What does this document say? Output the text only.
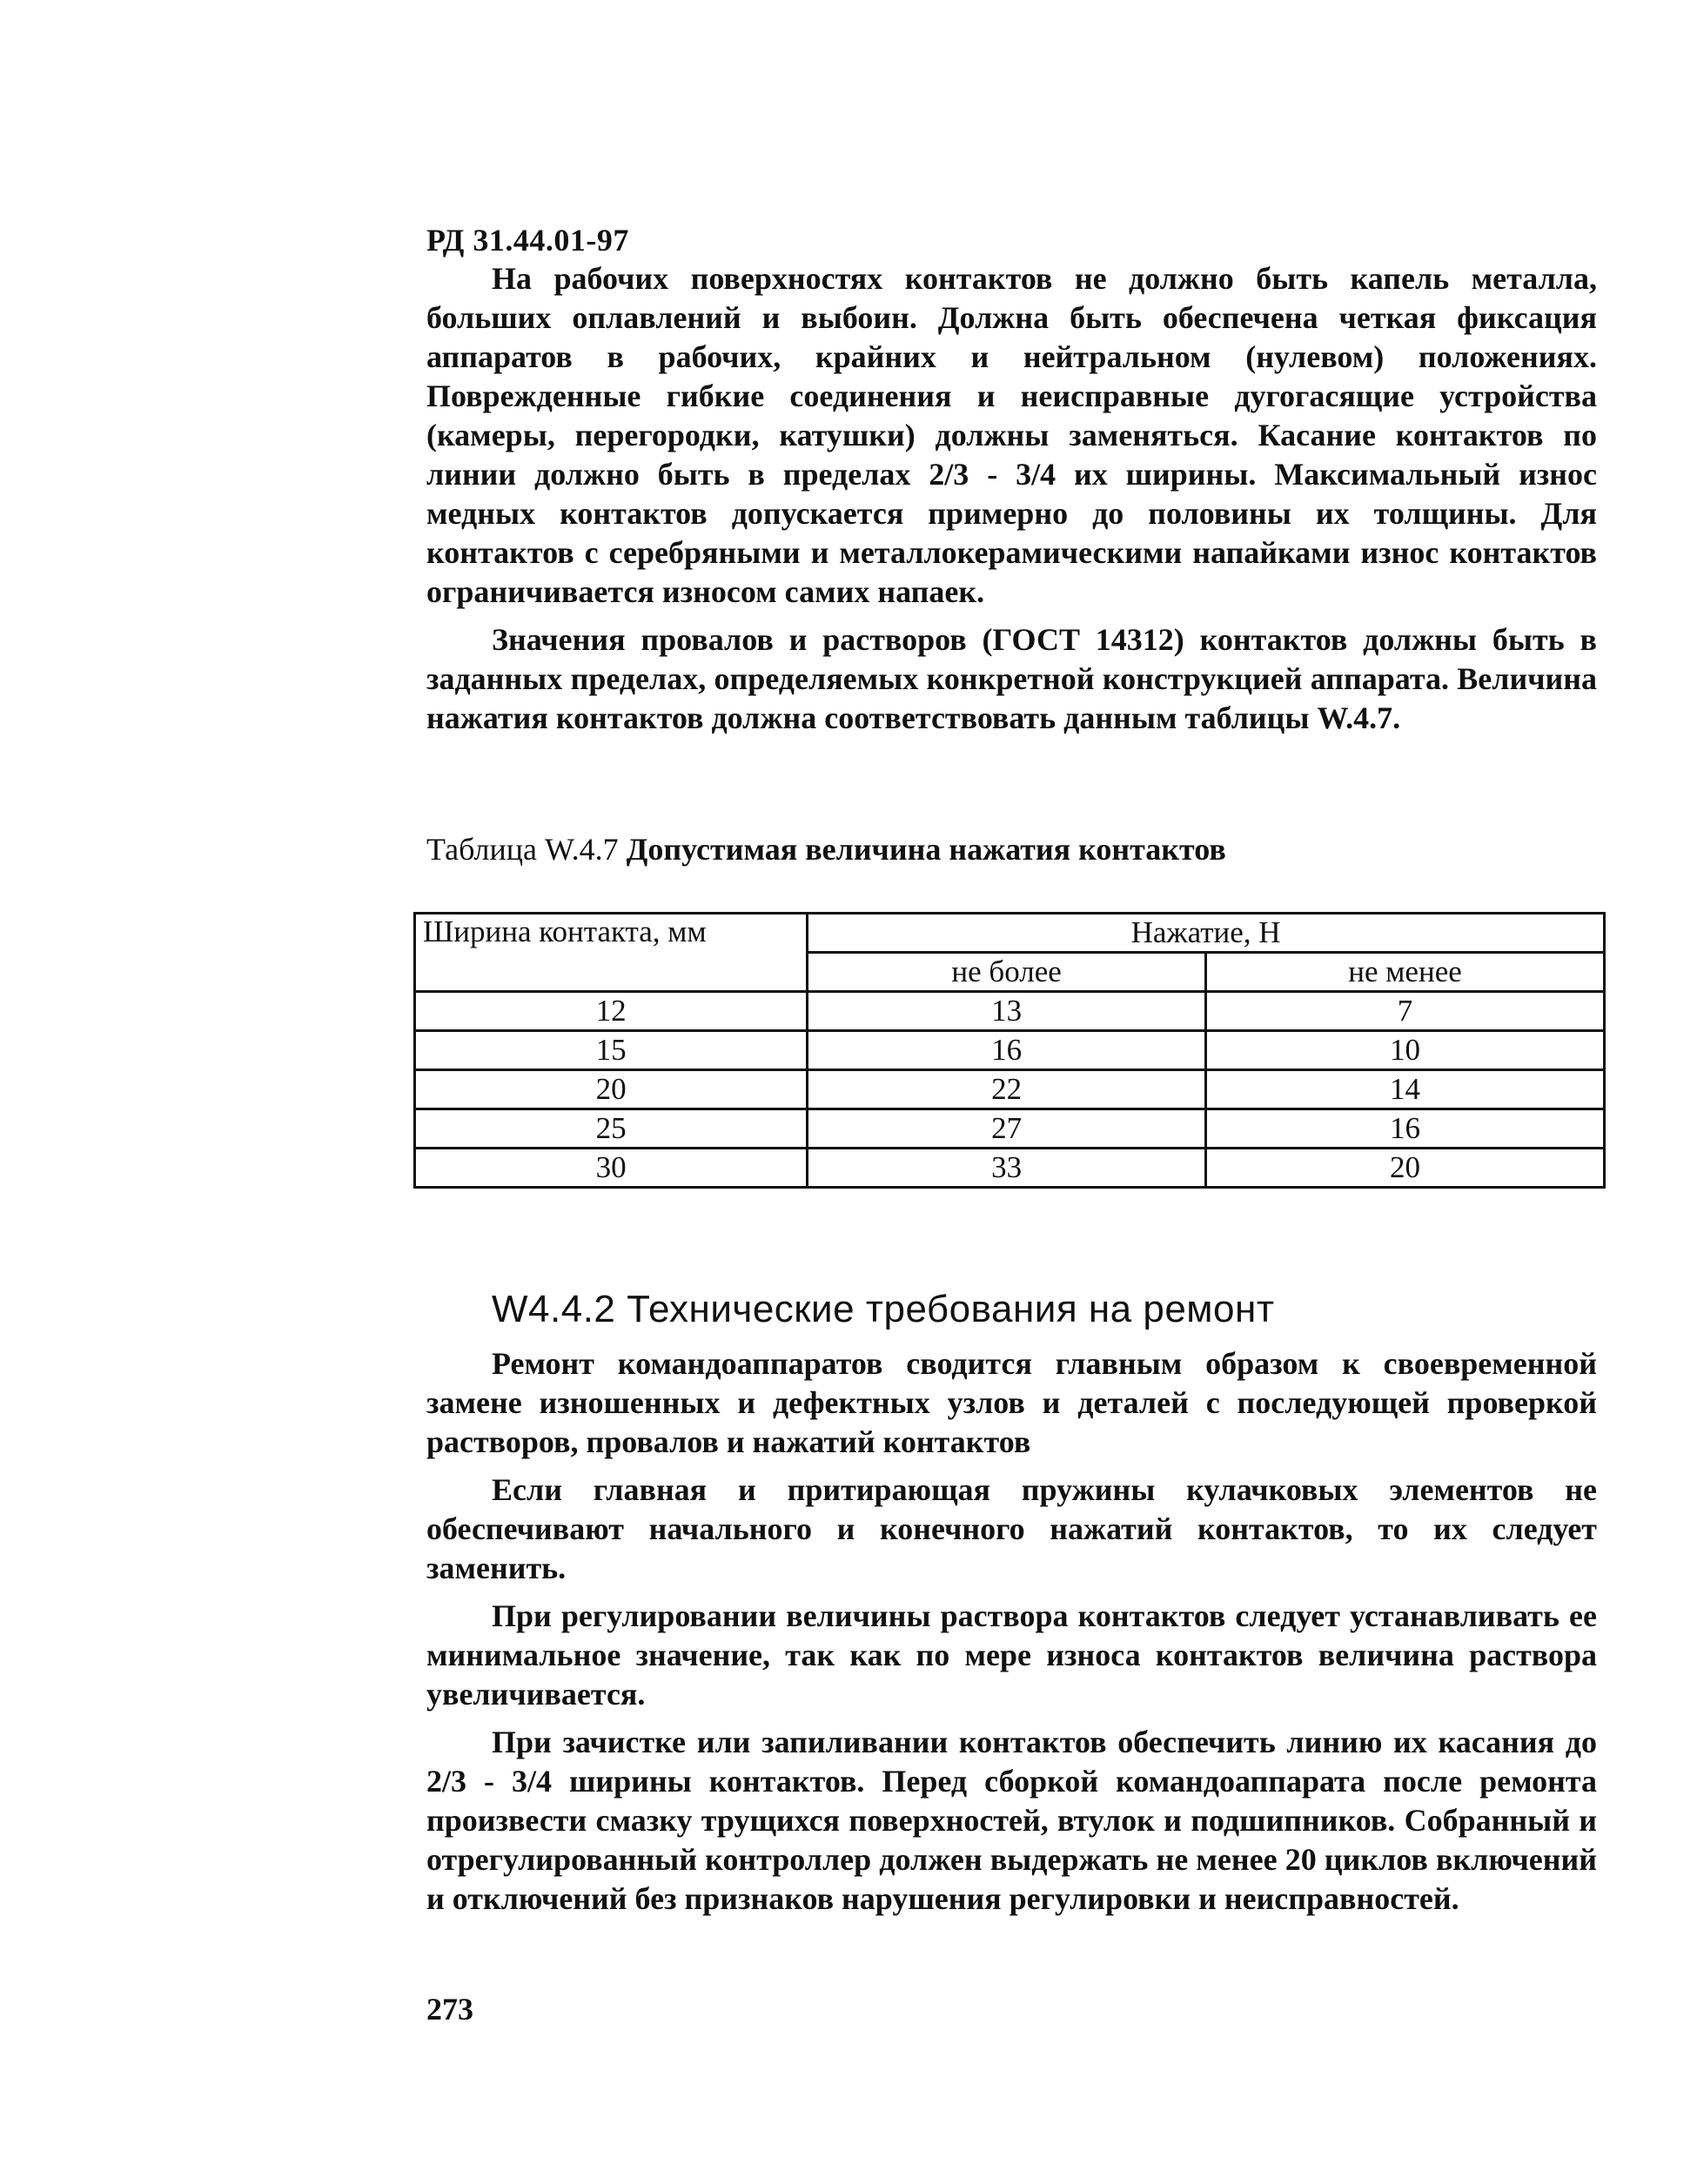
РД 31.44.01-97

На рабочих поверхностях контактов не должно быть капель металла, больших оплавлений и выбоин. Должна быть обеспечена четкая фиксация аппаратов в рабочих, крайних и нейтральном (нулевом) положениях. Поврежденные гибкие соединения и неисправные дугогасящие устройства (камеры, перегородки, катушки) должны заменяться. Касание контактов по линии должно быть в пределах 2/3 - 3/4 их ширины. Максимальный износ медных контактов допускается примерно до половины их толщины. Для контактов с серебряными и металлокерамическими напайками износ контактов ограничивается износом самих напаек.

Значения провалов и растворов (ГОСТ 14312) контактов должны быть в заданных пределах, определяемых конкретной конструкцией аппарата. Величина нажатия контактов должна соответствовать данным таблицы W.4.7.

Таблица W.4.7 Допустимая величина нажатия контактов
Ширина контакта, мм	Нажатие, Н	
	не более	не менее
12	13	7
15	16	10
20	22	14
25	27	16
30	33	20
W4.4.2 Технические требования на ремонт

Ремонт командоаппаратов сводится главным образом к своевременной замене изношенных и дефектных узлов и деталей с последующей проверкой растворов, провалов и нажатий контактов

Если главная и притирающая пружины кулачковых элементов не обеспечивают начального и конечного нажатий контактов, то их следует заменить.

При регулировании величины раствора контактов следует устанавливать ее минимальное значение, так как по мере износа контактов величина раствора увеличивается.

При зачистке или запиливании контактов обеспечить линию их касания до 2/3 - 3/4 ширины контактов. Перед сборкой командоаппарата после ремонта произвести смазку трущихся поверхностей, втулок и подшипников. Собранный и отрегулированный контроллер должен выдержать не менее 20 циклов включений и отключений без признаков нарушения регулировки и неисправностей.

273
